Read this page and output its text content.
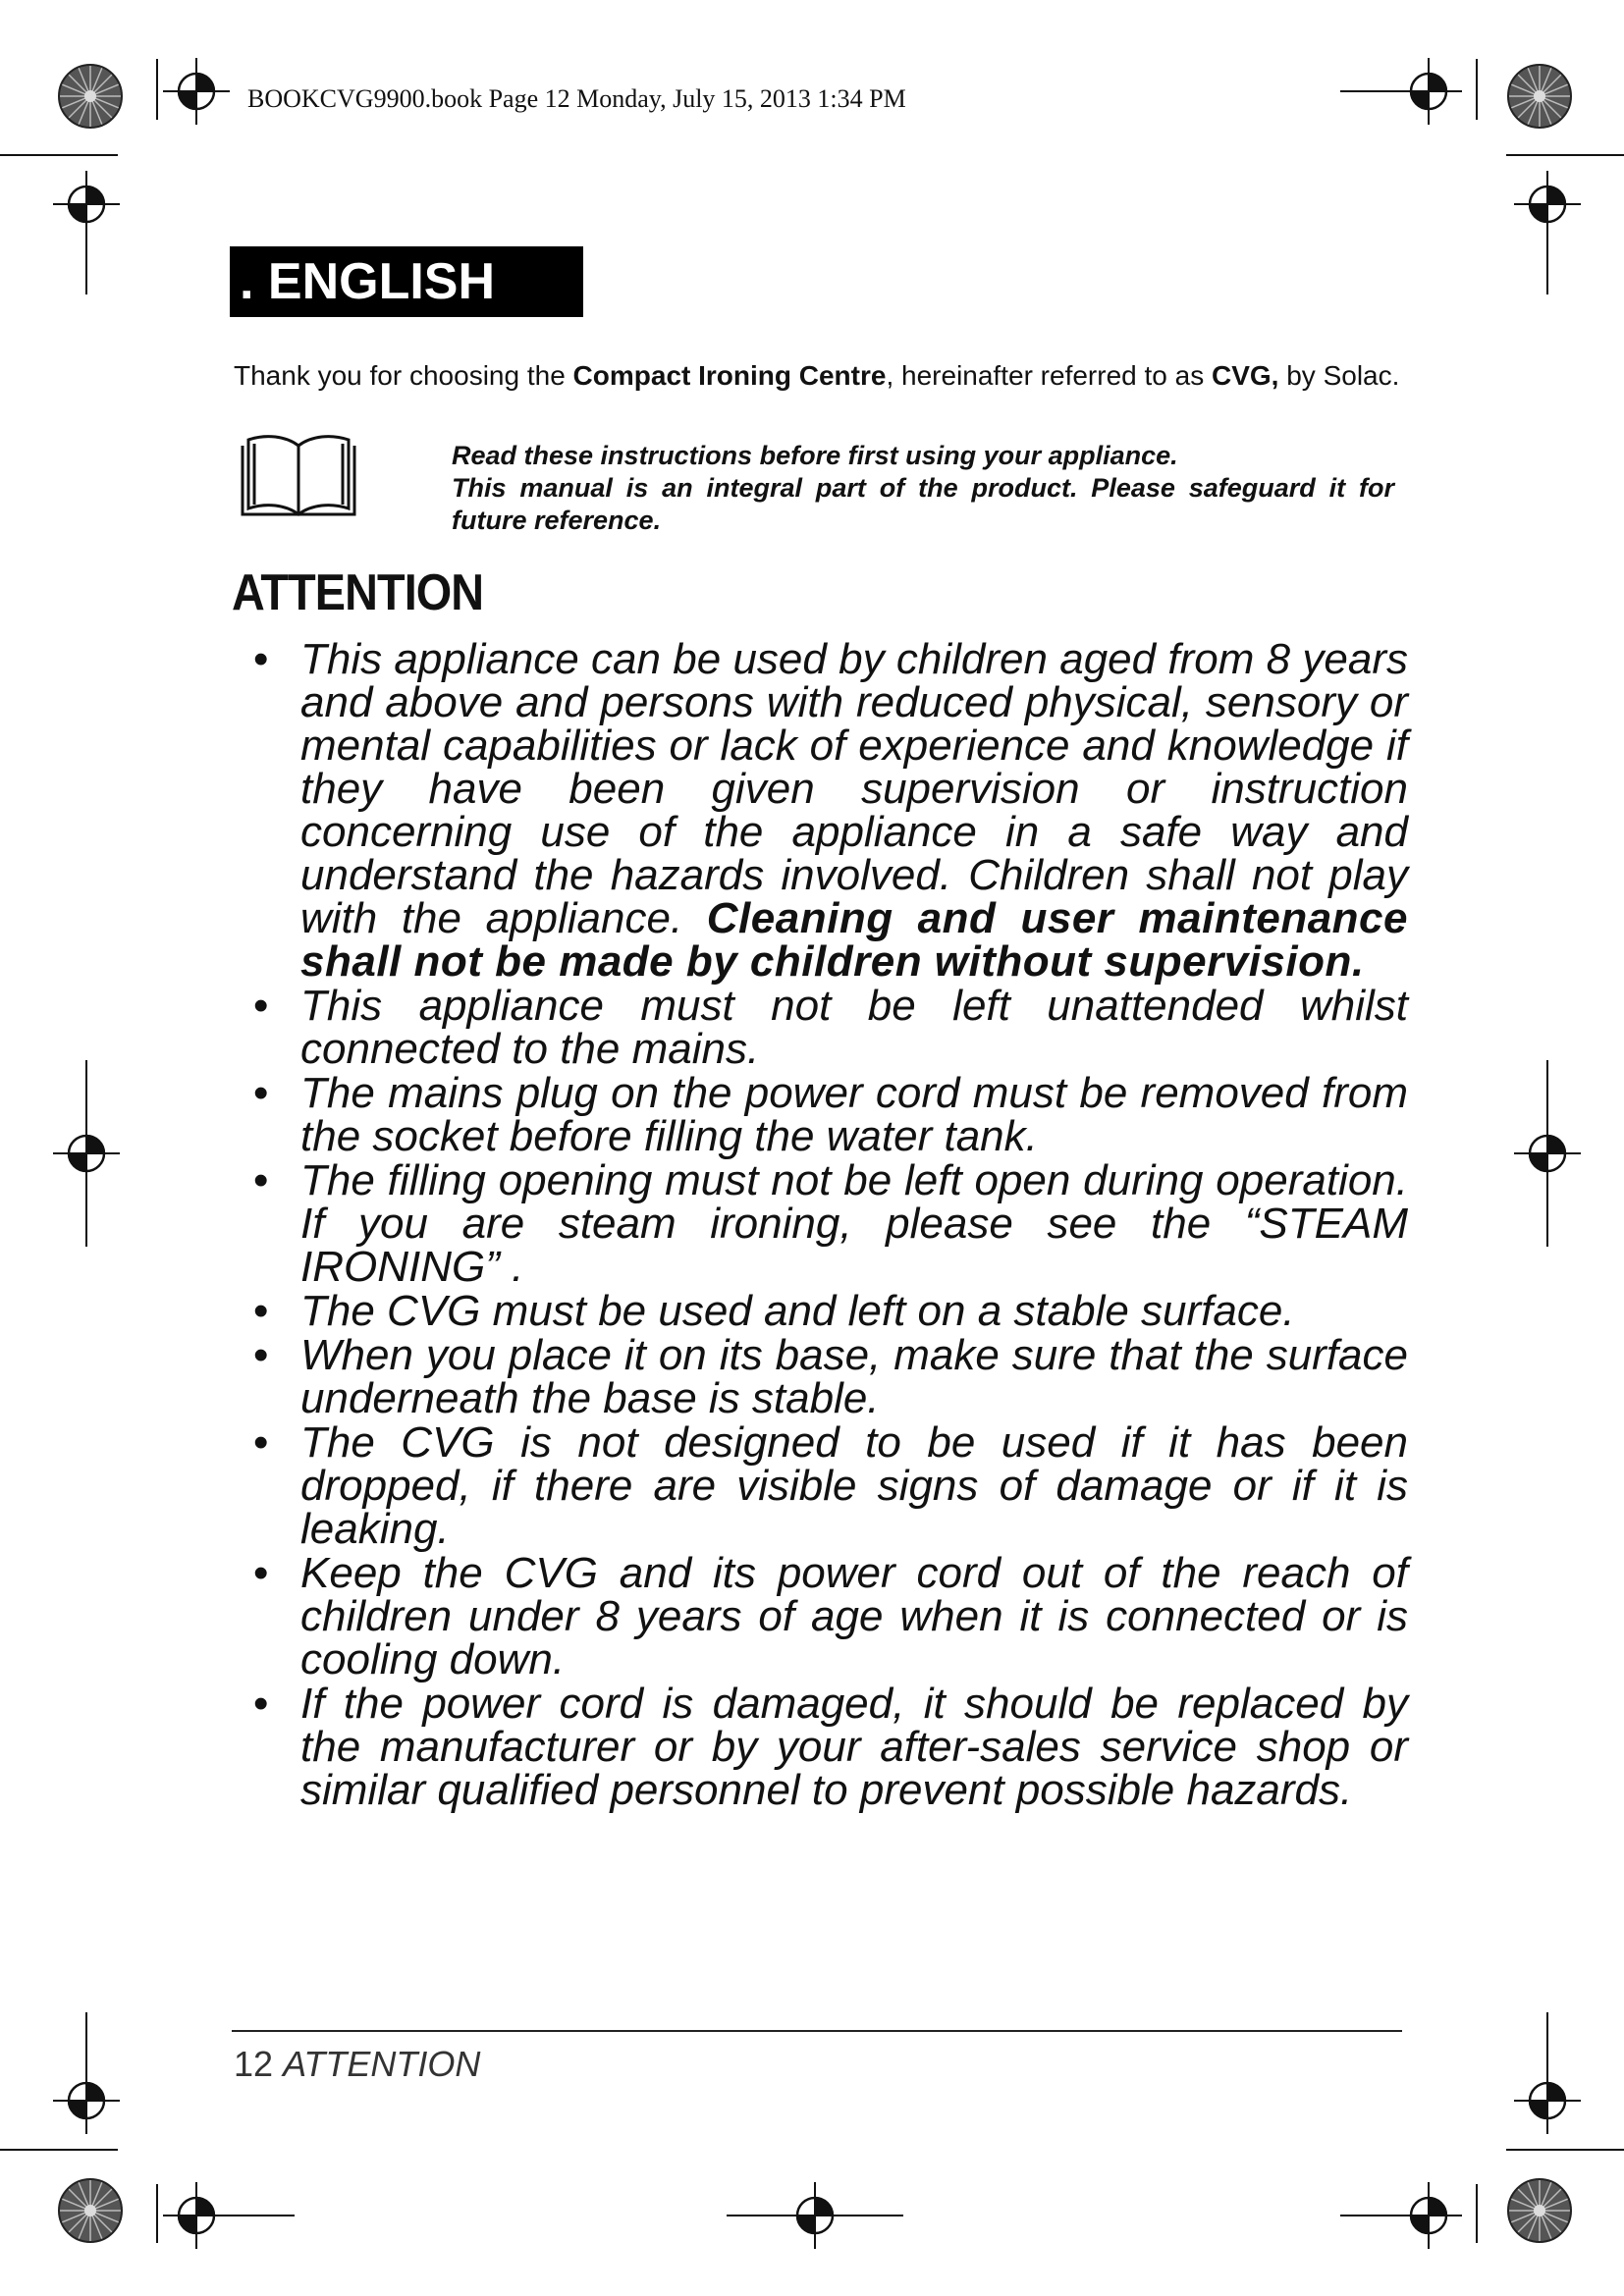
BOOKCVG9900.book Page 12 Monday, July 15, 2013 1:34 PM
. ENGLISH
Thank you for choosing the Compact Ironing Centre, hereinafter referred to as CVG, by Solac.
Read these instructions before first using your appliance.
This manual is an integral part of the product. Please safeguard it for future reference.
ATTENTION
• This appliance can be used by children aged from 8 years and above and persons with reduced physical, sensory or mental capabilities or lack of experience and knowledge if they have been given supervision or instruction concerning use of the appliance in a safe way and understand the hazards involved. Children shall not play with the appliance. Cleaning and user maintenance shall not be made by children without supervision.
• This appliance must not be left unattended whilst connected to the mains.
• The mains plug on the power cord must be removed from the socket before filling the water tank.
• The filling opening must not be left open during operation. If you are steam ironing, please see the “STEAM IRONING” .
• The CVG must be used and left on a stable surface.
• When you place it on its base, make sure that the surface underneath the base is stable.
• The CVG is not designed to be used if it has been dropped, if there are visible signs of damage or if it is leaking.
• Keep the CVG and its power cord out of the reach of children under 8 years of age when it is connected or is cooling down.
• If the power cord is damaged, it should be replaced by the manufacturer or by your after-sales service shop or similar qualified personnel to prevent possible hazards.
12 ATTENTION
